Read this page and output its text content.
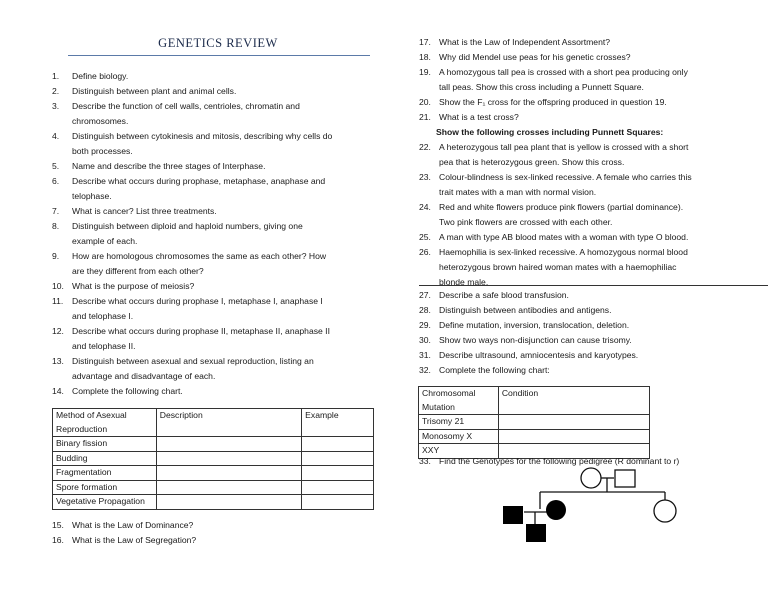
GENETICS REVIEW
1. Define biology.
2. Distinguish between plant and animal cells.
3. Describe the function of cell walls, centrioles, chromatin and
chromosomes.
4. Distinguish between cytokinesis and mitosis, describing why cells do
both processes.
5. Name and describe the three stages of Interphase.
6. Describe what occurs during prophase, metaphase, anaphase and
telophase.
7. What is cancer? List three treatments.
8. Distinguish between diploid and haploid numbers, giving one
example of each.
9. How are homologous chromosomes the same as each other? How
are they different from each other?
10. What is the purpose of meiosis?
11. Describe what occurs during prophase I, metaphase I, anaphase I
and telophase I.
12. Describe what occurs during prophase II, metaphase II, anaphase II
and telophase II.
13. Distinguish between asexual and sexual reproduction, listing an
advantage and disadvantage of each.
14. Complete the following chart.
Method of Asexual Reproduction	Description	Example
Binary fission		
Budding		
Fragmentation		
Spore formation		
Vegetative Propagation		
15. What is the Law of Dominance?
16. What is the Law of Segregation?
17. What is the Law of Independent Assortment?
18. Why did Mendel use peas for his genetic crosses?
19. A homozygous tall pea is crossed with a short pea producing only
tall peas. Show this cross including a Punnett Square.
20. Show the F₁ cross for the offspring produced in question 19.
21. What is a test cross?
Show the following crosses including Punnett Squares:
22. A heterozygous tall pea plant that is yellow is crossed with a short
pea that is heterozygous green. Show this cross.
23. Colour-blindness is sex-linked recessive. A female who carries this
trait mates with a man with normal vision.
24. Red and white flowers produce pink flowers (partial dominance).
Two pink flowers are crossed with each other.
25. A man with type AB blood mates with a woman with type O blood.
26. Haemophilia is sex-linked recessive. A homozygous normal blood
heterozygous brown haired woman mates with a haemophiliac
blonde male.
27. Describe a safe blood transfusion.
28. Distinguish between antibodies and antigens.
29. Define mutation, inversion, translocation, deletion.
30. Show two ways non-disjunction can cause trisomy.
31. Describe ultrasound, amniocentesis and karyotypes.
32. Complete the following chart:
Chromosomal Mutation	Condition
Trisomy 21	
Monosomy X	
XXY	
33. Find the Genotypes for the following pedigree (R dominant to r)
